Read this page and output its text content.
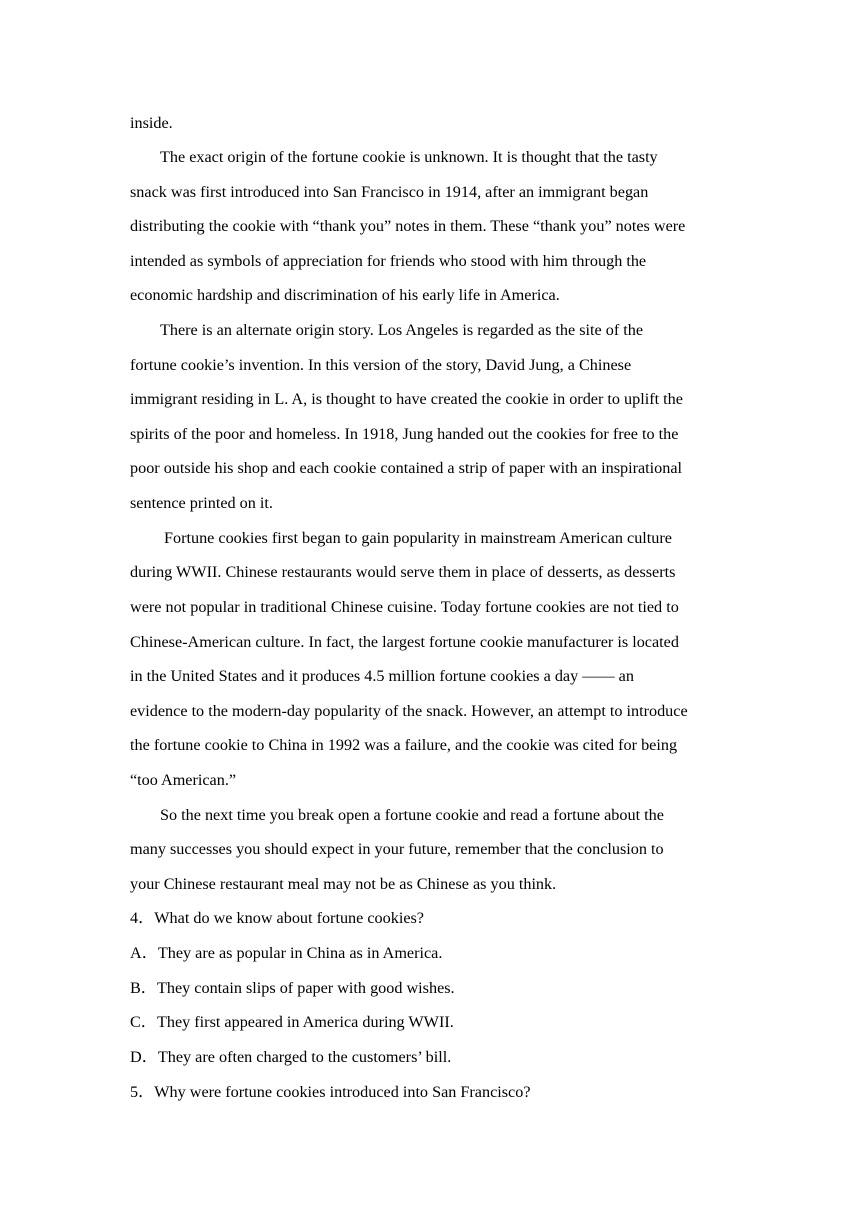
inside.
The exact origin of the fortune cookie is unknown. It is thought that the tasty
snack was first introduced into San Francisco in 1914, after an immigrant began
distributing the cookie with “thank you” notes in them. These “thank you” notes were
intended as symbols of appreciation for friends who stood with him through the
economic hardship and discrimination of his early life in America.
There is an alternate origin story. Los Angeles is regarded as the site of the
fortune cookie’s invention. In this version of the story, David Jung, a Chinese
immigrant residing in L. A, is thought to have created the cookie in order to uplift the
spirits of the poor and homeless. In 1918, Jung handed out the cookies for free to the
poor outside his shop and each cookie contained a strip of paper with an inspirational
sentence printed on it.
Fortune cookies first began to gain popularity in mainstream American culture
during WWII. Chinese restaurants would serve them in place of desserts, as desserts
were not popular in traditional Chinese cuisine. Today fortune cookies are not tied to
Chinese-American culture. In fact, the largest fortune cookie manufacturer is located
in the United States and it produces 4.5 million fortune cookies a day —— an
evidence to the modern-day popularity of the snack. However, an attempt to introduce
the fortune cookie to China in 1992 was a failure, and the cookie was cited for being
“too American.”
So the next time you break open a fortune cookie and read a fortune about the
many successes you should expect in your future, remember that the conclusion to
your Chinese restaurant meal may not be as Chinese as you think.
4．What do we know about fortune cookies?
A．They are as popular in China as in America.
B．They contain slips of paper with good wishes.
C．They first appeared in America during WWII.
D．They are often charged to the customers’ bill.
5．Why were fortune cookies introduced into San Francisco?
